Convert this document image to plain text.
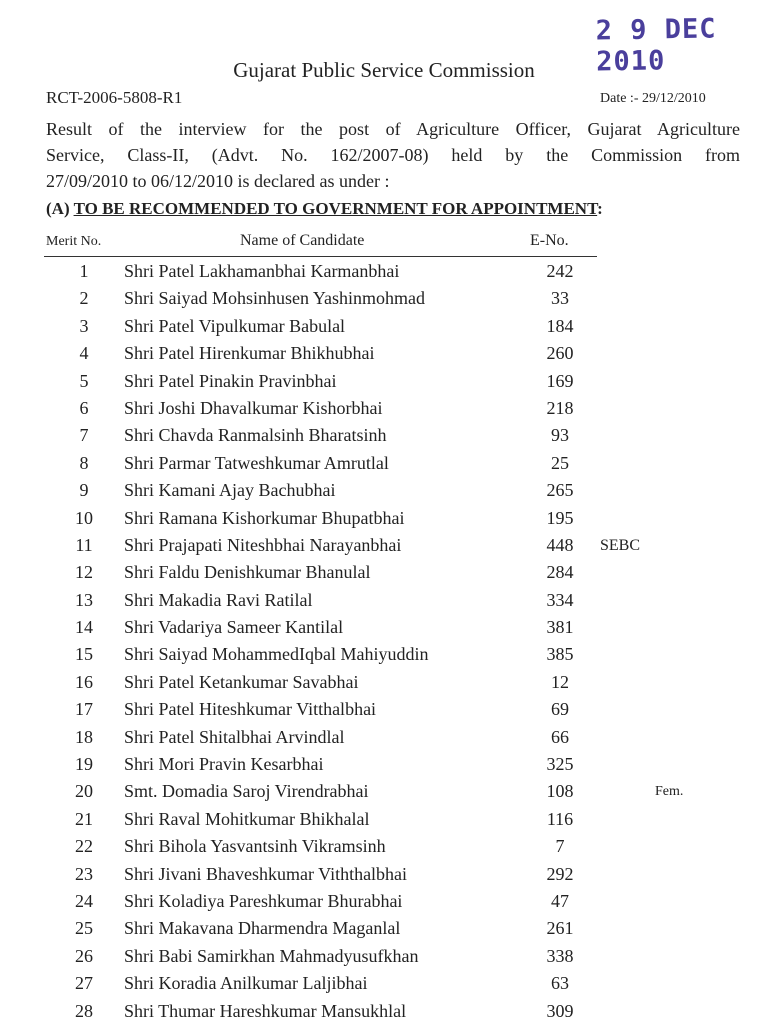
2 9 DEC 2010
Gujarat Public Service Commission
RCT-2006-5808-R1	Date :- 29/12/2010
Result of the interview for the post of Agriculture Officer, Gujarat Agriculture
Service, Class-II, (Advt. No. 162/2007-08) held by the Commission from
27/09/2010 to 06/12/2010 is declared as under :
(A) TO BE RECOMMENDED TO GOVERNMENT FOR APPOINTMENT:
Merit No.	Name of Candidate	E-No.
1	Shri Patel Lakhamanbhai Karmanbhai	242
2	Shri Saiyad Mohsinhusen Yashinmohmad	33
3	Shri Patel Vipulkumar Babulal	184
4	Shri Patel Hirenkumar Bhikhubhai	260
5	Shri Patel Pinakin Pravinbhai	169
6	Shri Joshi Dhavalkumar Kishorbhai	218
7	Shri Chavda Ranmalsinh Bharatsinh	93
8	Shri Parmar Tatweshkumar Amrutlal	25
9	Shri Kamani Ajay Bachubhai	265
10	Shri Ramana Kishorkumar Bhupatbhai	195
11	Shri Prajapati Niteshbhai Narayanbhai	448	SEBC
12	Shri Faldu Denishkumar Bhanulal	284
13	Shri Makadia Ravi Ratilal	334
14	Shri Vadariya Sameer Kantilal	381
15	Shri Saiyad MohammedIqbal Mahiyuddin	385
16	Shri Patel Ketankumar Savabhai	12
17	Shri Patel Hiteshkumar Vitthalbhai	69
18	Shri Patel Shitalbhai Arvindlal	66
19	Shri Mori Pravin Kesarbhai	325
20	Smt. Domadia Saroj Virendrabhai	108	Fem.
21	Shri Raval Mohitkumar Bhikhalal	116
22	Shri Bihola Yasvantsinh Vikramsinh	7
23	Shri Jivani Bhaveshkumar Viththalbhai	292
24	Shri Koladiya Pareshkumar Bhurabhai	47
25	Shri Makavana Dharmendra Maganlal	261
26	Shri Babi Samirkhan Mahmadyusufkhan	338
27	Shri Koradia Anilkumar Laljibhai	63
28	Shri Thumar Hareshkumar Mansukhlal	309
